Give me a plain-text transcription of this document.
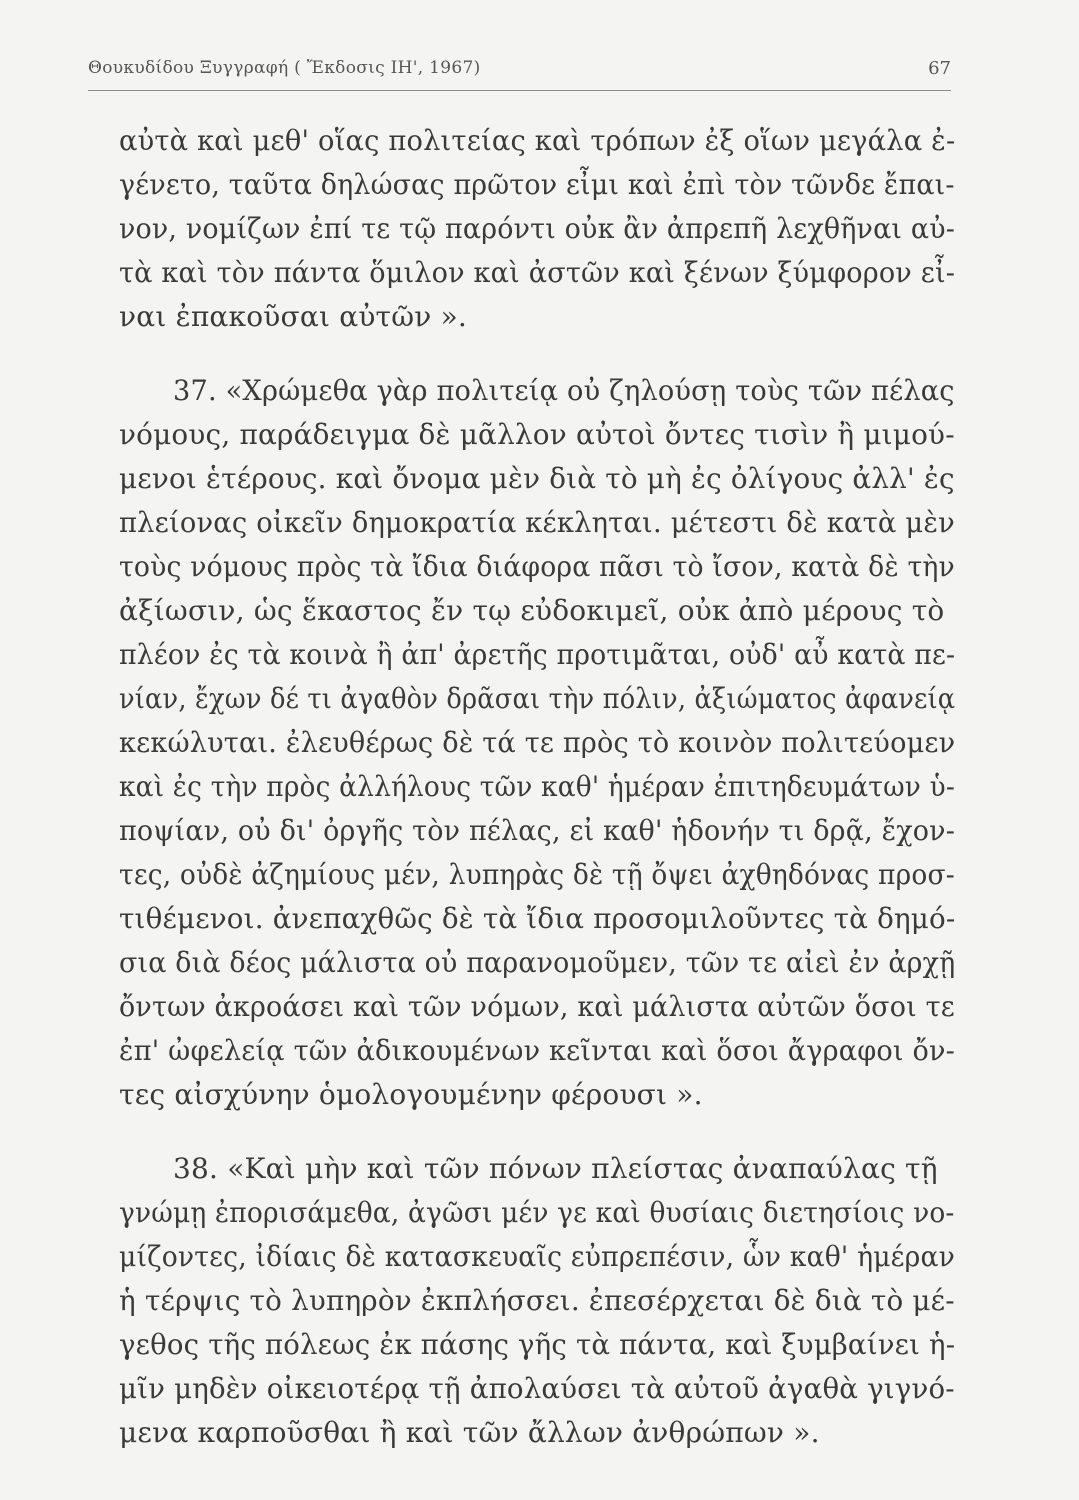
Θουκυδίδου Ξυγγραφή ( Ἔκδοσις ΙΗ', 1967)	67
αὐτὰ καὶ μεθ' οἵας πολιτείας καὶ τρόπων ἐξ οἵων μεγάλα ἐ-
γένετο, ταῦτα δηλώσας πρῶτον εἶμι καὶ ἐπὶ τὸν τῶνδε ἔπαι-
νον, νομίζων ἐπί τε τῷ παρόντι οὐκ ἂν ἀπρεπῆ λεχθῆναι αὐ-
τὰ καὶ τὸν πάντα ὅμιλον καὶ ἀστῶν καὶ ξένων ξύμφορον εἶ-
ναι ἐπακοῦσαι αὐτῶν ».
37. «Χρώμεθα γὰρ πολιτείᾳ οὐ ζηλούσῃ τοὺς τῶν πέλας
νόμους, παράδειγμα δὲ μᾶλλον αὐτοὶ ὄντες τισὶν ἢ μιμού-
μενοι ἑτέρους. καὶ ὄνομα μὲν διὰ τὸ μὴ ἐς ὀλίγους ἀλλ' ἐς
πλείονας οἰκεῖν δημοκρατία κέκληται. μέτεστι δὲ κατὰ μὲν
τοὺς νόμους πρὸς τὰ ἴδια διάφορα πᾶσι τὸ ἴσον, κατὰ δὲ τὴν
ἀξίωσιν, ὡς ἕκαστος ἔν τῳ εὐδοκιμεῖ, οὐκ ἀπὸ μέρους τὸ
πλέον ἐς τὰ κοινὰ ἢ ἀπ' ἀρετῆς προτιμᾶται, οὐδ' αὖ κατὰ πε-
νίαν, ἔχων δέ τι ἀγαθὸν δρᾶσαι τὴν πόλιν, ἀξιώματος ἀφανείᾳ
κεκώλυται. ἐλευθέρως δὲ τά τε πρὸς τὸ κοινὸν πολιτεύομεν
καὶ ἐς τὴν πρὸς ἀλλήλους τῶν καθ' ἡμέραν ἐπιτηδευμάτων ὑ-
ποψίαν, οὐ δι' ὀργῆς τὸν πέλας, εἰ καθ' ἡδονήν τι δρᾷ, ἔχον-
τες, οὐδὲ ἀζημίους μέν, λυπηρὰς δὲ τῇ ὄψει ἀχθηδόνας προσ-
τιθέμενοι. ἀνεπαχθῶς δὲ τὰ ἴδια προσομιλοῦντες τὰ δημό-
σια διὰ δέος μάλιστα οὐ παρανομοῦμεν, τῶν τε αἰεὶ ἐν ἀρχῇ
ὄντων ἀκροάσει καὶ τῶν νόμων, καὶ μάλιστα αὐτῶν ὅσοι τε
ἐπ' ὠφελείᾳ τῶν ἀδικουμένων κεῖνται καὶ ὅσοι ἄγραφοι ὄν-
τες αἰσχύνην ὁμολογουμένην φέρουσι ».
38. «Καὶ μὴν καὶ τῶν πόνων πλείστας ἀναπαύλας τῇ
γνώμῃ ἐπορισάμεθα, ἀγῶσι μέν γε καὶ θυσίαις διετησίοις νο-
μίζοντες, ἰδίαις δὲ κατασκευαῖς εὐπρεπέσιν, ὧν καθ' ἡμέραν
ἡ τέρψις τὸ λυπηρὸν ἐκπλήσσει. ἐπεσέρχεται δὲ διὰ τὸ μέ-
γεθος τῆς πόλεως ἐκ πάσης γῆς τὰ πάντα, καὶ ξυμβαίνει ἡ-
μῖν μηδὲν οἰκειοτέρᾳ τῇ ἀπολαύσει τὰ αὐτοῦ ἀγαθὰ γιγνό-
μενα καρποῦσθαι ἢ καὶ τῶν ἄλλων ἀνθρώπων ».
